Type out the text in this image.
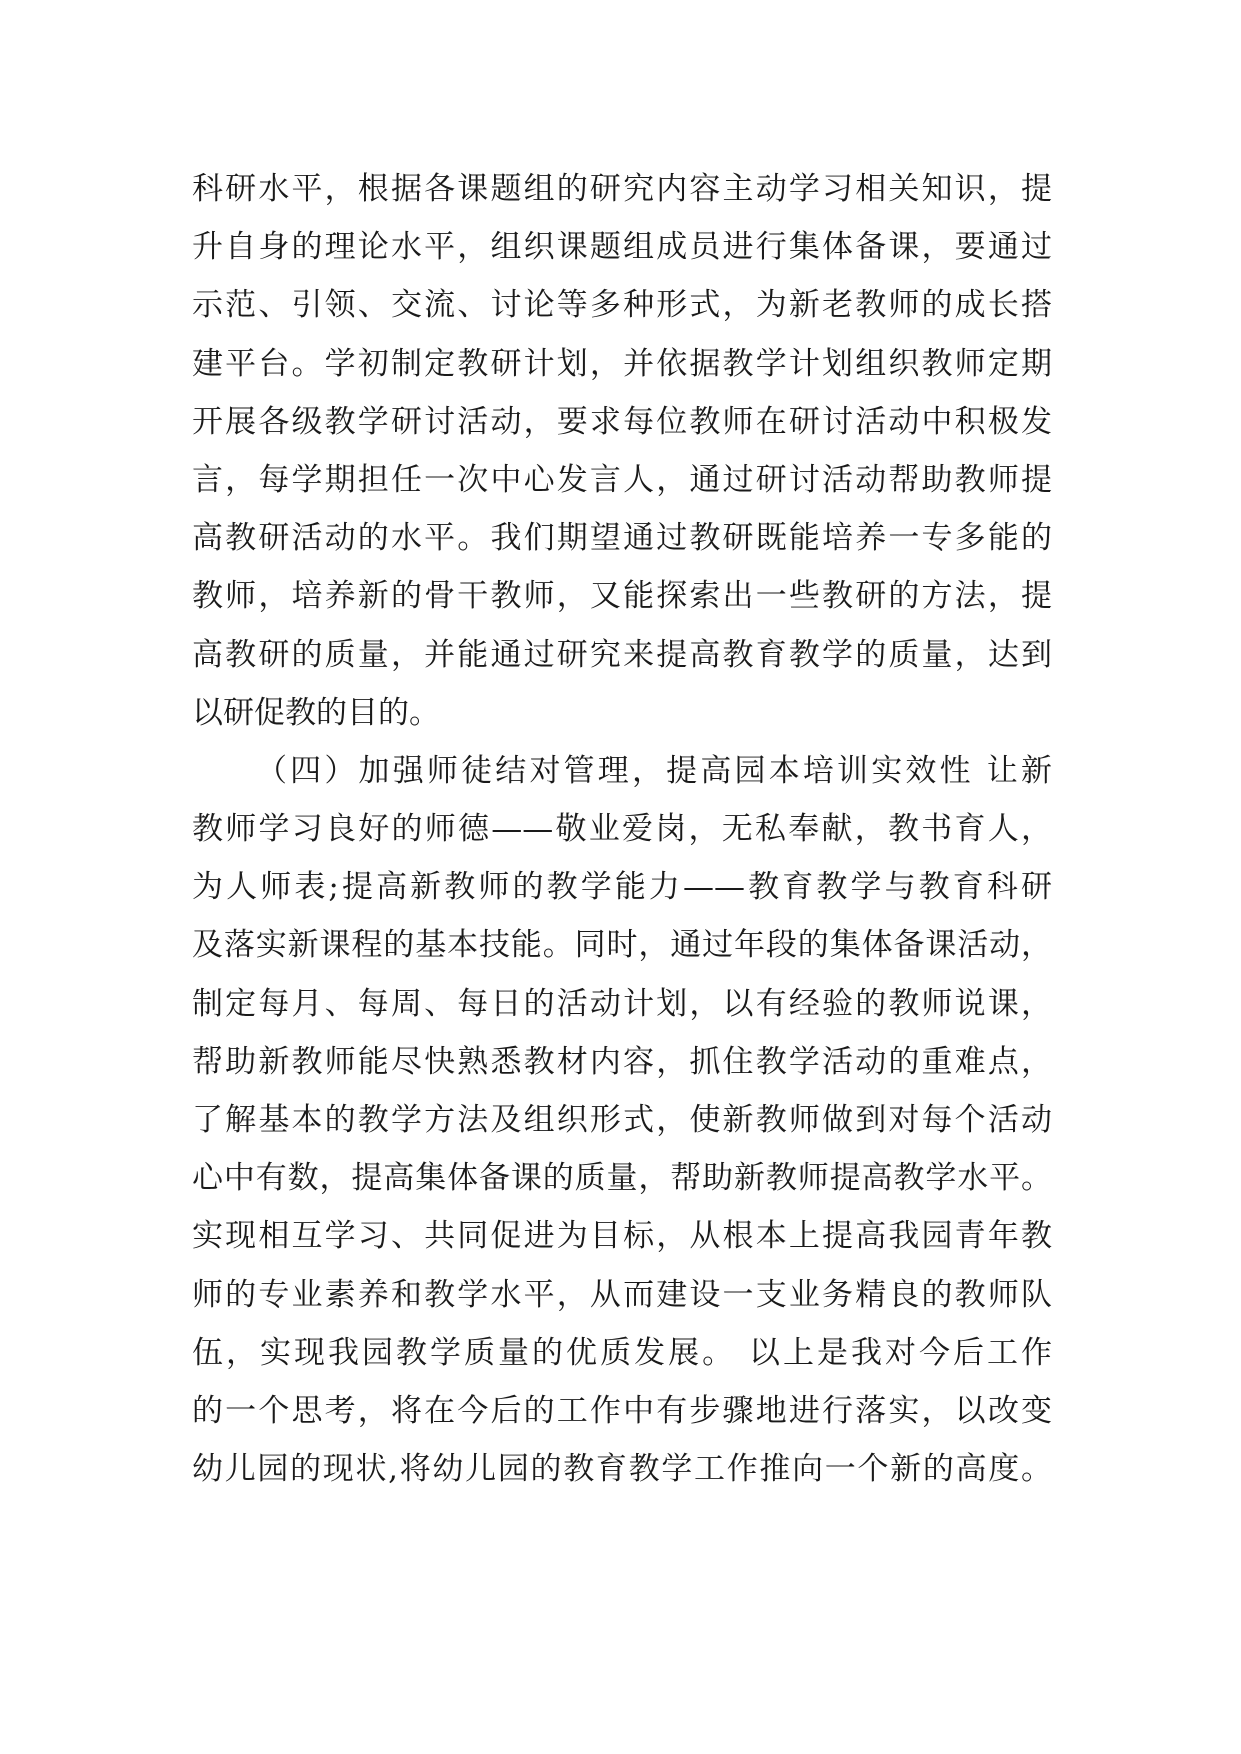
科研水平，根据各课题组的研究内容主动学习相关知识，提
升自身的理论水平，组织课题组成员进行集体备课，要通过
示范、引领、交流、讨论等多种形式，为新老教师的成长搭
建平台。学初制定教研计划，并依据教学计划组织教师定期
开展各级教学研讨活动，要求每位教师在研讨活动中积极发
言，每学期担任一次中心发言人，通过研讨活动帮助教师提
高教研活动的水平。我们期望通过教研既能培养一专多能的
教师，培养新的骨干教师，又能探索出一些教研的方法，提
高教研的质量，并能通过研究来提高教育教学的质量，达到
以研促教的目的。
（四）加强师徒结对管理，提高园本培训实效性 让新
教师学习良好的师德——敬业爱岗，无私奉献，教书育人，
为人师表;提高新教师的教学能力——教育教学与教育科研
及落实新课程的基本技能。同时，通过年段的集体备课活动，
制定每月、每周、每日的活动计划，以有经验的教师说课，
帮助新教师能尽快熟悉教材内容，抓住教学活动的重难点，
了解基本的教学方法及组织形式，使新教师做到对每个活动
心中有数，提高集体备课的质量，帮助新教师提高教学水平。
实现相互学习、共同促进为目标，从根本上提高我园青年教
师的专业素养和教学水平，从而建设一支业务精良的教师队
伍，实现我园教学质量的优质发展。 以上是我对今后工作
的一个思考，将在今后的工作中有步骤地进行落实，以改变
幼儿园的现状,将幼儿园的教育教学工作推向一个新的高度。
